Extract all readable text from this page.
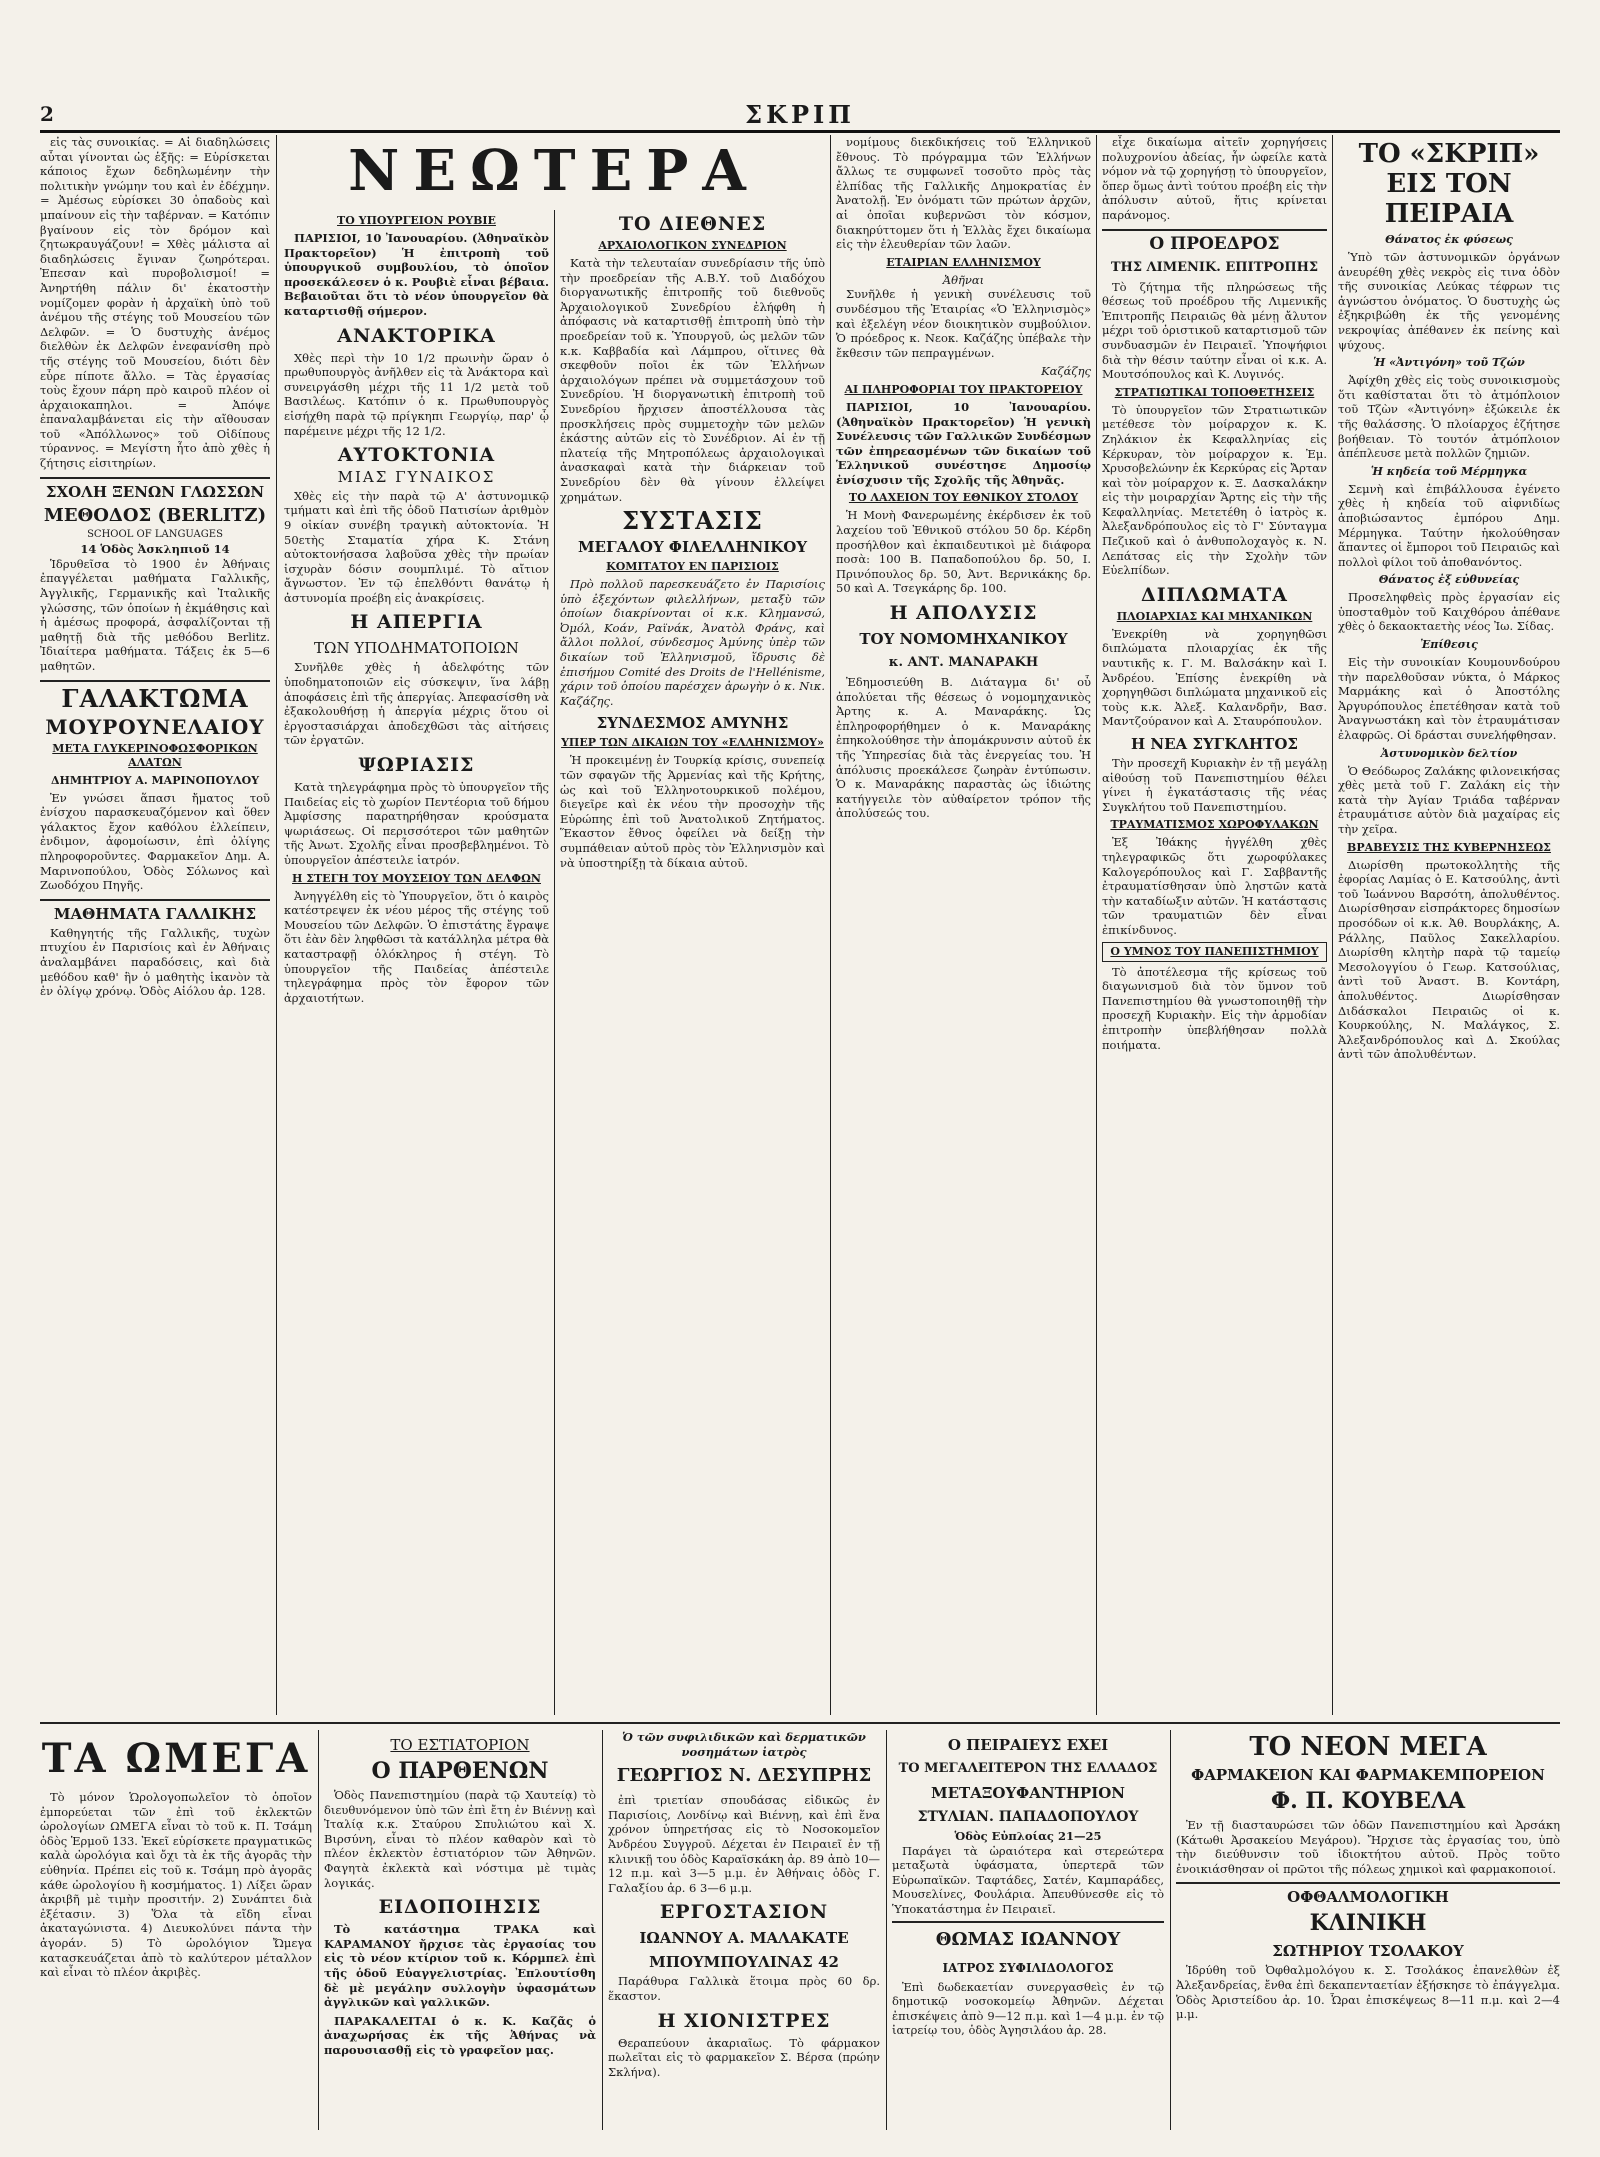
2	ΣΚΡΙΠ

εἰς τὰς συνοικίας. = Αἱ διαδηλώσεις αὗται γίνονται ὡς ἑξῆς: = Εὑρίσκεται κάποιος ἔχων δεδηλωμένην τὴν πολιτικὴν γνώμην του καὶ ἐν ἐδέχμην. = Ἀμέσως εὑρίσκει 30 ὀπαδοὺς καὶ μπαίνουν εἰς τὴν ταβέρναν. = Κατόπιν βγαίνουν εἰς τὸν δρόμον καὶ ζητωκραυγάζουν! = Χθὲς μάλιστα αἱ διαδηλώσεις ἔγιναν ζωηρότεραι. Ἐπεσαν καὶ πυροβολισμοί! = Ἀνηρτήθη πάλιν δι' ἑκατοστὴν νομίζομεν φορὰν ἡ ἀρχαϊκὴ ὑπὸ τοῦ ἀνέμου τῆς στέγης τοῦ Μουσείου τῶν Δελφῶν. = Ὁ δυστυχὴς ἀνέμος διελθὼν ἐκ Δελφῶν ἐνεφανίσθη πρὸ τῆς στέγης τοῦ Μουσείου, διότι δὲν εὗρε πίποτε ἄλλο. = Τὰς ἐργασίας τοὺς ἔχουν πάρη πρὸ καιροῦ πλέον οἱ ἀρχαιοκαπηλοι. = Ἀπόψε ἐπαναλαμβάνεται εἰς τὴν αἴθουσαν τοῦ «Ἀπόλλωνος» τοῦ Οἰδίπους τύραννος. = Μεγίστη ἦτο ἀπὸ χθὲς ἡ ζήτησις εἰσιτηρίων.

ΣΧΟΛΗ ΞΕΝΩΝ ΓΛΩΣΣΩΝ
ΜΕΘΟΔΟΣ (BERLITZ)
SCHOOL OF LANGUAGES
14 Ὁδὸς Ἀσκληπιοῦ 14

Ἱδρυθεῖσα τὸ 1900 ἐν Ἀθήναις ἐπαγγέλεται μαθήματα Γαλλικῆς, Ἀγγλικῆς, Γερμανικῆς καὶ Ἰταλικῆς γλώσσης, τῶν ὁποίων ἡ ἐκμάθησις καὶ ἡ ἀμέσως προφορά, ἀσφαλίζονται τῇ μαθητῇ διὰ τῆς μεθόδου Berlitz. Ἰδιαίτερα μαθήματα. Τάξεις ἐκ 5—6 μαθητῶν.

ΓΑΛΑΚΤΩΜΑ
ΜΟΥΡΟΥΝΕΛΑΙΟΥ
ΜΕΤΑ ΓΛΥΚΕΡΙΝΟΦΩΣΦΟΡΙΚΩΝ ΑΛΑΤΩΝ
ΔΗΜΗΤΡΙΟΥ Α. ΜΑΡΙΝΟΠΟΥΛΟΥ

Ἐν γνώσει ἅπασι ἤματος τοῦ ἐνίσχου παρασκευαζόμενον καὶ ὅθεν γάλακτος ἔχον καθόλου ἐλλείπειν, ἐνδιμον, ἀφομοίωσιν, ἐπὶ ὀλίγης πληροφοροῦντες. Φαρμακεῖον Δημ. Α. Μαρινοπούλου, Ὁδὸς Σόλωνος καὶ Ζωοδόχου Πηγῆς.

ΜΑΘΗΜΑΤΑ ΓΑΛΛΙΚΗΣ

Καθηγητής τῆς Γαλλικῆς, τυχὼν πτυχίου ἐν Παρισίοις καὶ ἐν Ἀθήναις ἀναλαμβάνει παραδόσεις, καὶ διὰ μεθόδου καθ' ἣν ὁ μαθητὴς ἱκανὸν τὰ ἐν ὀλίγῳ χρόνῳ. Ὁδὸς Αἰόλου ἀρ. 128.

ΝΕΩΤΕΡΑ
ΤΟ ΥΠΟΥΡΓΕΙΟΝ ΡΟΥΒΙΕ

ΠΑΡΙΣΙΟΙ, 10 Ἰανουαρίου. (Ἀθηναϊκὸν Πρακτορεῖον) Ἡ ἐπιτροπὴ τοῦ ὑπουργικοῦ συμβουλίου, τὸ ὁποῖον προσεκάλεσεν ὁ κ. Ρουβιὲ εἶναι βέβαια. Βεβαιοῦται ὅτι τὸ νέον ὑπουργεῖον θὰ καταρτισθῇ σήμερον.

ΑΝΑΚΤΟΡΙΚΑ

Χθὲς περὶ τὴν 10 1/2 πρωινὴν ὥραν ὁ πρωθυπουργὸς ἀνῆλθεν εἰς τὰ Ἀνάκτορα καὶ συνειργάσθη μέχρι τῆς 11 1/2 μετὰ τοῦ Βασιλέως. Κατόπιν ὁ κ. Πρωθυπουργὸς εἰσήχθη παρὰ τῷ πρίγκηπι Γεωργίῳ, παρ' ᾧ παρέμεινε μέχρι τῆς 12 1/2.

ΑΥΤΟΚΤΟΝΙΑ
ΜΙΑΣ ΓΥΝΑΙΚΟΣ

Χθὲς εἰς τὴν παρὰ τῷ Α' ἀστυνομικῷ τμήματι καὶ ἐπὶ τῆς ὁδοῦ Πατισίων ἀριθμὸν 9 οἰκίαν συνέβη τραγικὴ αὐτοκτονία. Ἡ 50ετὴς Σταματία χήρα Κ. Στάνη αὐτοκτονήσασα λαβοῦσα χθὲς τὴν πρωίαν ἰσχυρὰν δόσιν σουμπλιμέ. Τὸ αἴτιον ἄγνωστον. Ἐν τῷ ἐπελθόντι θανάτῳ ἡ ἀστυνομία προέβη εἰς ἀνακρίσεις.

Η ΑΠΕΡΓΙΑ
ΤΩΝ ΥΠΟΔΗΜΑΤΟΠΟΙΩΝ

Συνῆλθε χθὲς ἡ ἀδελφότης τῶν ὑποδηματοποιῶν εἰς σύσκεψιν, ἵνα λάβῃ ἀποφάσεις ἐπὶ τῆς ἀπεργίας. Ἀπεφασίσθη νὰ ἐξακολουθήσῃ ἡ ἀπεργία μέχρις ὅτου οἱ ἐργοστασιάρχαι ἀποδεχθῶσι τὰς αἰτήσεις τῶν ἐργατῶν.

ΨΩΡΙΑΣΙΣ

Κατὰ τηλεγράφημα πρὸς τὸ ὑπουργεῖον τῆς Παιδείας εἰς τὸ χωρίον Πεντέορια τοῦ δήμου Ἀμφίσσης παρατηρήθησαν κρούσματα ψωριάσεως. Οἱ περισσότεροι τῶν μαθητῶν τῆς Ἀνωτ. Σχολῆς εἶναι προσβεβλημένοι. Τὸ ὑπουργεῖον ἀπέστειλε ἰατρόν.

Η ΣΤΕΓΗ ΤΟΥ ΜΟΥΣΕΙΟΥ ΤΩΝ ΔΕΛΦΩΝ

Ἀνηγγέλθη εἰς τὸ Ὑπουργεῖον, ὅτι ὁ καιρὸς κατέστρεψεν ἐκ νέου μέρος τῆς στέγης τοῦ Μουσείου τῶν Δελφῶν. Ὁ ἐπιστάτης ἔγραψε ὅτι ἐὰν δὲν ληφθῶσι τὰ κατάλληλα μέτρα θὰ καταστραφῇ ὁλόκληρος ἡ στέγη. Τὸ ὑπουργεῖον τῆς Παιδείας ἀπέστειλε τηλεγράφημα πρὸς τὸν ἔφορον τῶν ἀρχαιοτήτων.

ΤΟ ΔΙΕΘΝΕΣ
ΑΡΧΑΙΟΛΟΓΙΚΟΝ ΣΥΝΕΔΡΙΟΝ

Κατὰ τὴν τελευταίαν συνεδρίασιν τῆς ὑπὸ τὴν προεδρείαν τῆς Α.Β.Υ. τοῦ Διαδόχου διοργανωτικῆς ἐπιτροπῆς τοῦ διεθνοῦς Ἀρχαιολογικοῦ Συνεδρίου ἐλήφθη ἡ ἀπόφασις νὰ καταρτισθῇ ἐπιτροπὴ ὑπὸ τὴν προεδρείαν τοῦ κ. Ὑπουργοῦ, ὡς μελῶν τῶν κ.κ. Καββαδία καὶ Λάμπρου, οἵτινες θὰ σκεφθοῦν ποῖοι ἐκ τῶν Ἑλλήνων ἀρχαιολόγων πρέπει νὰ συμμετάσχουν τοῦ Συνεδρίου. Ἡ διοργανωτικὴ ἐπιτροπὴ τοῦ Συνεδρίου ἤρχισεν ἀποστέλλουσα τὰς προσκλήσεις πρὸς συμμετοχὴν τῶν μελῶν ἑκάστης αὐτῶν εἰς τὸ Συνέδριον. Αἱ ἐν τῇ πλατείᾳ τῆς Μητροπόλεως ἀρχαιολογικαὶ ἀνασκαφαὶ κατὰ τὴν διάρκειαν τοῦ Συνεδρίου δὲν θὰ γίνουν ἐλλείψει χρημάτων.

ΣΥΣΤΑΣΙΣ
ΜΕΓΑΛΟΥ ΦΙΛΕΛΛΗΝΙΚΟΥ
ΚΟΜΙΤΑΤΟΥ ΕΝ ΠΑΡΙΣΙΟΙΣ

Πρὸ πολλοῦ παρεσκευάζετο ἐν Παρισίοις ὑπὸ ἐξεχόντων φιλελλήνων, μεταξὺ τῶν ὁποίων διακρίνονται οἱ κ.κ. Κλημανσώ, Ὀμόλ, Κοάν, Ραϊνάκ, Ἀνατὸλ Φράνς, καὶ ἄλλοι πολλοί, σύνδεσμος Ἀμύνης ὑπὲρ τῶν δικαίων τοῦ Ἑλληνισμοῦ, ἵδρυσις δὲ ἐπισήμου Comité des Droits de l'Hellénisme, χάριν τοῦ ὁποίου παρέσχεν ἀρωγὴν ὁ κ. Νικ. Καζάζης.

ΣΥΝΔΕΣΜΟΣ ΑΜΥΝΗΣ
ΥΠΕΡ ΤΩΝ ΔΙΚΑΙΩΝ ΤΟΥ «ΕΛΛΗΝΙΣΜΟΥ»

Ἡ προκειμένῃ ἐν Τουρκίᾳ κρίσις, συνεπείᾳ τῶν σφαγῶν τῆς Ἀρμενίας καὶ τῆς Κρήτης, ὡς καὶ τοῦ Ἑλληνοτουρκικοῦ πολέμου, διεγεῖρε καὶ ἐκ νέου τὴν προσοχὴν τῆς Εὐρώπης ἐπὶ τοῦ Ἀνατολικοῦ Ζητήματος. Ἕκαστον ἔθνος ὀφείλει νὰ δείξῃ τὴν συμπάθειαν αὐτοῦ πρὸς τὸν Ἑλληνισμὸν καὶ νὰ ὑποστηρίξῃ τὰ δίκαια αὐτοῦ.

νομίμους διεκδικήσεις τοῦ Ἑλληνικοῦ ἔθνους. Τὸ πρόγραμμα τῶν Ἑλλήνων ἄλλως τε συμφωνεῖ τοσοῦτο πρὸς τὰς ἐλπίδας τῆς Γαλλικῆς Δημοκρατίας ἐν Ἀνατολῇ. Ἐν ὀνόματι τῶν πρώτων ἀρχῶν, αἱ ὁποῖαι κυβερνῶσι τὸν κόσμον, διακηρύττομεν ὅτι ἡ Ἑλλὰς ἔχει δικαίωμα εἰς τὴν ἐλευθερίαν τῶν λαῶν.

ΕΤΑΙΡΙΑΝ ΕΛΛΗΝΙΣΜΟΥ
Ἀθῆναι

Συνῆλθε ἡ γενικὴ συνέλευσις τοῦ συνδέσμου τῆς Ἑταιρίας «Ὁ Ἑλληνισμὸς» καὶ ἐξελέγη νέον διοικητικὸν συμβούλιον. Ὁ πρόεδρος κ. Νεοκ. Καζάζης ὑπέβαλε τὴν ἔκθεσιν τῶν πεπραγμένων.

Καζάζης
ΑΙ ΠΛΗΡΟΦΟΡΙΑΙ ΤΟΥ ΠΡΑΚΤΟΡΕΙΟΥ

ΠΑΡΙΣΙΟΙ, 10 Ἰανουαρίου. (Ἀθηναϊκὸν Πρακτορεῖον) Ἡ γενικὴ Συνέλευσις τῶν Γαλλικῶν Συνδέσμων τῶν ἐπηρεασμένων τῶν δικαίων τοῦ Ἑλληνικοῦ συνέστησε Δημοσίῳ ἐνίσχυσιν τῆς Σχολῆς τῆς Ἀθηνᾶς.

ΤΟ ΛΑΧΕΙΟΝ ΤΟΥ ΕΘΝΙΚΟΥ ΣΤΟΛΟΥ

Ἡ Μονὴ Φανερωμένης ἐκέρδισεν ἐκ τοῦ λαχείου τοῦ Ἐθνικοῦ στόλου 50 δρ. Κέρδη προσήλθον καὶ ἐκπαιδευτικοὶ μὲ διάφορα ποσὰ: 100 Β. Παπαδοπούλου δρ. 50, Ι. Πρινόπουλος δρ. 50, Ἀντ. Βερνικάκης δρ. 50 καὶ Α. Τσεγκάρης δρ. 100.

Η ΑΠΟΛΥΣΙΣ
ΤΟΥ ΝΟΜΟΜΗΧΑΝΙΚΟΥ
κ. ΑΝΤ. ΜΑΝΑΡΑΚΗ

Ἐδημοσιεύθη Β. Διάταγμα δι' οὗ ἀπολύεται τῆς θέσεως ὁ νομομηχανικὸς Ἀρτης κ. Α. Μαναράκης. Ὡς ἐπληροφορήθημεν ὁ κ. Μαναράκης ἐπηκολούθησε τὴν ἀπομάκρυνσιν αὐτοῦ ἐκ τῆς Ὑπηρεσίας διὰ τὰς ἐνεργείας του. Ἡ ἀπόλυσις προεκάλεσε ζωηρὰν ἐντύπωσιν. Ὁ κ. Μαναράκης παραστὰς ὡς ἰδιώτης κατήγγειλε τὸν αὐθαίρετον τρόπον τῆς ἀπολύσεώς του.

εἶχε δικαίωμα αἰτεῖν χορηγήσεις πολυχρονίου ἀδείας, ἦν ὠφείλε κατὰ νόμον νὰ τῷ χορηγήσῃ τὸ ὑπουργεῖον, ὅπερ ὅμως ἀντὶ τούτου προέβη εἰς τὴν ἀπόλυσιν αὐτοῦ, ἥτις κρίνεται παράνομος.

Ο ΠΡΟΕΔΡΟΣ
ΤΗΣ ΛΙΜΕΝΙΚ. ΕΠΙΤΡΟΠΗΣ

Τὸ ζήτημα τῆς πληρώσεως τῆς θέσεως τοῦ προέδρου τῆς Λιμενικῆς Ἐπιτροπῆς Πειραιῶς θὰ μένῃ ἄλυτον μέχρι τοῦ ὁριστικοῦ καταρτισμοῦ τῶν συνδυασμῶν ἐν Πειραιεῖ. Ὑποψήφιοι διὰ τὴν θέσιν ταύτην εἶναι οἱ κ.κ. Α. Μουτσόπουλος καὶ Κ. Λυγινός.

ΣΤΡΑΤΙΩΤΙΚΑΙ ΤΟΠΟΘΕΤΗΣΕΙΣ

Τὸ ὑπουργεῖον τῶν Στρατιωτικῶν μετέθεσε τὸν μοίραρχον κ. Κ. Ζηλάκιον ἐκ Κεφαλληνίας εἰς Κέρκυραν, τὸν μοίραρχον κ. Ἐμ. Χρυσοβελώνην ἐκ Κερκύρας εἰς Ἄρταν καὶ τὸν μοίραρχον κ. Ξ. Δασκαλάκην εἰς τὴν μοιραρχίαν Ἄρτης εἰς τὴν τῆς Κεφαλληνίας. Μετετέθη ὁ ἰατρὸς κ. Ἀλεξανδρόπουλος εἰς τὸ Γ' Σύνταγμα Πεζικοῦ καὶ ὁ ἀνθυπολοχαγὸς κ. Ν. Λεπάτσας εἰς τὴν Σχολὴν τῶν Εὐελπίδων.

ΔΙΠΛΩΜΑΤΑ
ΠΛΟΙΑΡΧΙΑΣ ΚΑΙ ΜΗΧΑΝΙΚΩΝ

Ἐνεκρίθη νὰ χορηγηθῶσι διπλώματα πλοιαρχίας ἐκ τῆς ναυτικῆς κ. Γ. Μ. Βαλσάκην καὶ Ι. Ἀνδρέου. Ἐπίσης ἐνεκρίθη νὰ χορηγηθῶσι διπλώματα μηχανικοῦ εἰς τοὺς κ.κ. Ἀλεξ. Καλανδρῆν, Βασ. Μαντζούρανον καὶ Α. Σταυρόπουλον.

Η ΝΕΑ ΣΥΓΚΛΗΤΟΣ

Τὴν προσεχῆ Κυριακὴν ἐν τῇ μεγάλῃ αἰθούσῃ τοῦ Πανεπιστημίου θέλει γίνει ἡ ἐγκατάστασις τῆς νέας Συγκλήτου τοῦ Πανεπιστημίου.

ΤΡΑΥΜΑΤΙΣΜΟΣ ΧΩΡΟΦΥΛΑΚΩΝ

Ἐξ Ἰθάκης ἠγγέλθη χθὲς τηλεγραφικῶς ὅτι χωροφύλακες Καλογερόπουλος καὶ Γ. Σαββαντῆς ἐτραυματίσθησαν ὑπὸ ληστῶν κατὰ τὴν καταδίωξιν αὐτῶν. Ἡ κατάστασις τῶν τραυματιῶν δὲν εἶναι ἐπικίνδυνος.

Ο ΥΜΝΟΣ ΤΟΥ ΠΑΝΕΠΙΣΤΗΜΙΟΥ

Τὸ ἀποτέλεσμα τῆς κρίσεως τοῦ διαγωνισμοῦ διὰ τὸν ὕμνον τοῦ Πανεπιστημίου θὰ γνωστοποιηθῇ τὴν προσεχῆ Κυριακὴν. Εἰς τὴν ἁρμοδίαν ἐπιτροπὴν ὑπεβλήθησαν πολλὰ ποιήματα.

ΤΟ «ΣΚΡΙΠ» ΕΙΣ ΤΟΝ ΠΕΙΡΑΙΑ
Θάνατος ἐκ φύσεως

Ὑπὸ τῶν ἀστυνομικῶν ὀργάνων ἀνευρέθη χθὲς νεκρὸς εἰς τινα ὁδὸν τῆς συνοικίας Λεύκας τέφρων τις ἀγνώστου ὀνόματος. Ὁ δυστυχὴς ὡς ἐξηκριβώθη ἐκ τῆς γενομένης νεκροψίας ἀπέθανεν ἐκ πείνης καὶ ψύχους.

Ἡ «Ἀντιγόνη» τοῦ Τζών

Ἀφίχθη χθὲς εἰς τοὺς συνοικισμοὺς ὅτι καθίσταται ὅτι τὸ ἀτμόπλοιον τοῦ Τζὼν «Ἀντιγόνη» ἐξώκειλε ἐκ τῆς θαλάσσης. Ὁ πλοίαρχος ἐζήτησε βοήθειαν. Τὸ τουτόν ἀτμόπλοιον ἀπέπλευσε μετὰ πολλῶν ζημιῶν.

Ἡ κηδεία τοῦ Μέρμηγκα

Σεμνὴ καὶ ἐπιβάλλουσα ἐγένετο χθὲς ἡ κηδεία τοῦ αἰφνιδίως ἀποβιώσαντος ἐμπόρου Δημ. Μέρμηγκα. Ταύτην ἠκολούθησαν ἅπαντες οἱ ἔμποροι τοῦ Πειραιῶς καὶ πολλοὶ φίλοι τοῦ ἀποθανόντος.

Θάνατος ἐξ εὐθυνείας

Προσεληφθεὶς πρὸς ἐργασίαν εἰς ὑποσταθμὸν τοῦ Καιχθόρου ἀπέθανε χθὲς ὁ δεκαοκταετὴς νέος Ἰω. Σίδας.

Ἐπίθεσις

Εἰς τὴν συνοικίαν Κουμουνδούρου τὴν παρελθοῦσαν νύκτα, ὁ Μάρκος Μαρμάκης καὶ ὁ Ἀποστόλης Ἀργυρόπουλος ἐπετέθησαν κατὰ τοῦ Ἀναγνωστάκη καὶ τὸν ἐτραυμάτισαν ἐλαφρῶς. Οἱ δράσται συνελήφθησαν.

Ἀστυνομικὸν δελτίον

Ὁ Θεόδωρος Ζαλάκης φιλονεικήσας χθὲς μετὰ τοῦ Γ. Ζαλάκη εἰς τὴν κατὰ τὴν Ἀγίαν Τριάδα ταβέρναν ἐτραυμάτισε αὐτὸν διὰ μαχαίρας εἰς τὴν χεῖρα.

ΒΡΑΒΕΥΣΙΣ ΤΗΣ ΚΥΒΕΡΝΗΣΕΩΣ

Διωρίσθη πρωτοκολλητὴς τῆς ἐφορίας Λαμίας ὁ Ε. Κατσούλης, ἀντὶ τοῦ Ἰωάννου Βαρσότη, ἀπολυθέντος. Διωρίσθησαν εἰσπράκτορες δημοσίων προσόδων οἱ κ.κ. Ἀθ. Βουρλάκης, Α. Ράλλης, Παῦλος Σακελλαρίου. Διωρίσθη κλητὴρ παρὰ τῷ ταμείῳ Μεσολογγίου ὁ Γεωρ. Κατσούλιας, ἀντὶ τοῦ Ἀναστ. Β. Κοντάρη, ἀπολυθέντος. Διωρίσθησαν Διδάσκαλοι Πειραιῶς οἱ κ. Κουρκούλης, Ν. Μαλάγκος, Σ. Ἀλεξανδρόπουλος καὶ Δ. Σκούλας ἀντὶ τῶν ἀπολυθέντων.

ΤΑ ΩΜΕΓΑ

Τὸ μόνον Ὡρολογοπωλεῖον τὸ ὁποῖον ἐμπορεύεται τῶν ἐπὶ τοῦ ἐκλεκτῶν ὡρολογίων ΩΜΕΓΑ εἶναι τὸ τοῦ κ. Π. Τσάμη ὁδὸς Ἑρμοῦ 133. Ἐκεῖ εὑρίσκετε πραγματικῶς καλὰ ὡρολόγια καὶ ὄχι τὰ ἐκ τῆς ἀγορᾶς τὴν εὐθηνία. Πρέπει εἰς τοῦ κ. Τσάμη πρὸ ἀγορᾶς κάθε ὡρολογίου ἢ κοσμήματος. 1) Λίξει ὥραν ἀκριβῆ μὲ τιμὴν προσιτήν. 2) Συνάπτει διὰ ἐξέτασιν. 3) Ὅλα τὰ εἴδη εἶναι ἀκαταγώνιστα. 4) Διευκολύνει πάντα τὴν ἀγοράν. 5) Τὸ ὡρολόγιον Ὤμεγα κατασκευάζεται ἀπὸ τὸ καλύτερον μέταλλον καὶ εἶναι τὸ πλέον ἀκριβὲς.

ΤΟ ΕΣΤΙΑΤΟΡΙΟΝ
Ο ΠΑΡΘΕΝΩΝ

Ὁδὸς Πανεπιστημίου (παρὰ τῷ Χαυτείᾳ) τὸ διευθυνόμενον ὑπὸ τῶν ἐπὶ ἔτη ἐν Βιέννῃ καὶ Ἰταλίᾳ κ.κ. Σταύρου Σπυλιώτου καὶ Χ. Βιρσύνη, εἶναι τὸ πλέον καθαρὸν καὶ τὸ πλέον ἐκλεκτὸν ἐστιατόριον τῶν Ἀθηνῶν. Φαγητὰ ἐκλεκτὰ καὶ νόστιμα μὲ τιμὰς λογικάς.

ΕΙΔΟΠΟΙΗΣΙΣ

Τὸ κατάστημα ΤΡΑΚΑ καὶ ΚΑΡΑΜΑΝΟΥ ἤρχισε τὰς ἐργασίας του εἰς τὸ νέον κτίριον τοῦ κ. Κόρμπελ ἐπὶ τῆς ὁδοῦ Εὐαγγελιστρίας. Ἐπλουτίσθη δὲ μὲ μεγάλην συλλογὴν ὑφασμάτων ἀγγλικῶν καὶ γαλλικῶν.

ΠΑΡΑΚΑΛΕΙΤΑΙ ὁ κ. Κ. Καζᾶς ὁ ἀναχωρήσας ἐκ τῆς Ἀθήνας νὰ παρουσιασθῇ εἰς τὸ γραφεῖον μας.

Ὁ τῶν συφιλιδικῶν καὶ δερματικῶν νοσημάτων ἰατρὸς
ΓΕΩΡΓΙΟΣ Ν. ΔΕΣΥΠΡΗΣ

ἐπὶ τριετίαν σπουδάσας εἰδικῶς ἐν Παρισίοις, Λονδίνῳ καὶ Βιέννῃ, καὶ ἐπὶ ἕνα χρόνον ὑπηρετήσας εἰς τὸ Νοσοκομεῖον Ἀνδρέου Συγγροῦ. Δέχεται ἐν Πειραιεῖ ἐν τῇ κλινικῇ του ὁδὸς Καραϊσκάκη ἀρ. 89 ἀπὸ 10—12 π.μ. καὶ 3—5 μ.μ. ἐν Ἀθήναις ὁδὸς Γ. Γαλαξίου ἀρ. 6 3—6 μ.μ.

ΕΡΓΟΣΤΑΣΙΟΝ
ΙΩΑΝΝΟΥ Α. ΜΑΛΑΚΑΤΕ
ΜΠΟΥΜΠΟΥΛΙΝΑΣ 42

Παράθυρα Γαλλικὰ ἕτοιμα πρὸς 60 δρ. ἕκαστον.

Η ΧΙΟΝΙΣΤΡΕΣ

Θεραπεύουν ἀκαριαῖως. Τὸ φάρμακον πωλεῖται εἰς τὸ φαρμακεῖον Σ. Βέρσα (πρώην Σκλήνα).

Ο ΠΕΙΡΑΙΕΥΣ ΕΧΕΙ
ΤΟ ΜΕΓΑΛΕΙΤΕΡΟΝ ΤΗΣ ΕΛΛΑΔΟΣ
ΜΕΤΑΞΟΥΦΑΝΤΗΡΙΟΝ
ΣΤΥΛΙΑΝ. ΠΑΠΑΔΟΠΟΥΛΟΥ
Ὁδὸς Εὐπλοίας 21—25

Παράγει τὰ ὡραιότερα καὶ στερεώτερα μεταξωτὰ ὑφάσματα, ὑπερτερᾶ τῶν Εὐρωπαϊκῶν. Ταφτάδες, Σατέν, Καμπαράδες, Μουσελίνες, Φουλάρια. Ἀπευθύνεσθε εἰς τὸ Ὑποκατάστημα ἐν Πειραιεῖ.

ΘΩΜΑΣ ΙΩΑΝΝΟΥ
ΙΑΤΡΟΣ ΣΥΦΙΛΙΔΟΛΟΓΟΣ

Ἐπὶ δωδεκαετίαν συνεργασθεὶς ἐν τῷ δημοτικῷ νοσοκομείῳ Ἀθηνῶν. Δέχεται ἐπισκέψεις ἀπὸ 9—12 π.μ. καὶ 1—4 μ.μ. ἐν τῷ ἰατρείῳ του, ὁδὸς Ἀγησιλάου ἀρ. 28.

ΤΟ ΝΕΟΝ ΜΕΓΑ
ΦΑΡΜΑΚΕΙΟΝ ΚΑΙ ΦΑΡΜΑΚΕΜΠΟΡΕΙΟΝ
Φ. Π. ΚΟΥΒΕΛΑ

Ἐν τῇ διασταυρώσει τῶν ὁδῶν Πανεπιστημίου καὶ Ἀρσάκη (Κάτωθι Ἀρσακείου Μεγάρου). Ἤρχισε τὰς ἐργασίας του, ὑπὸ τὴν διεύθυνσιν τοῦ ἰδιοκτήτου αὐτοῦ. Πρὸς τοῦτο ἐνοικιάσθησαν οἱ πρῶτοι τῆς πόλεως χημικοὶ καὶ φαρμακοποιοί.

ΟΦΘΑΛΜΟΛΟΓΙΚΗ
ΚΛΙΝΙΚΗ
ΣΩΤΗΡΙΟΥ ΤΣΟΛΑΚΟΥ

Ἱδρύθη τοῦ Ὀφθαλμολόγου κ. Σ. Τσολάκος ἐπανελθὼν ἐξ Ἀλεξανδρείας, ἔνθα ἐπὶ δεκαπενταετίαν ἐξήσκησε τὸ ἐπάγγελμα. Ὁδὸς Ἀριστείδου ἀρ. 10. Ὧραι ἐπισκέψεως 8—11 π.μ. καὶ 2—4 μ.μ.
